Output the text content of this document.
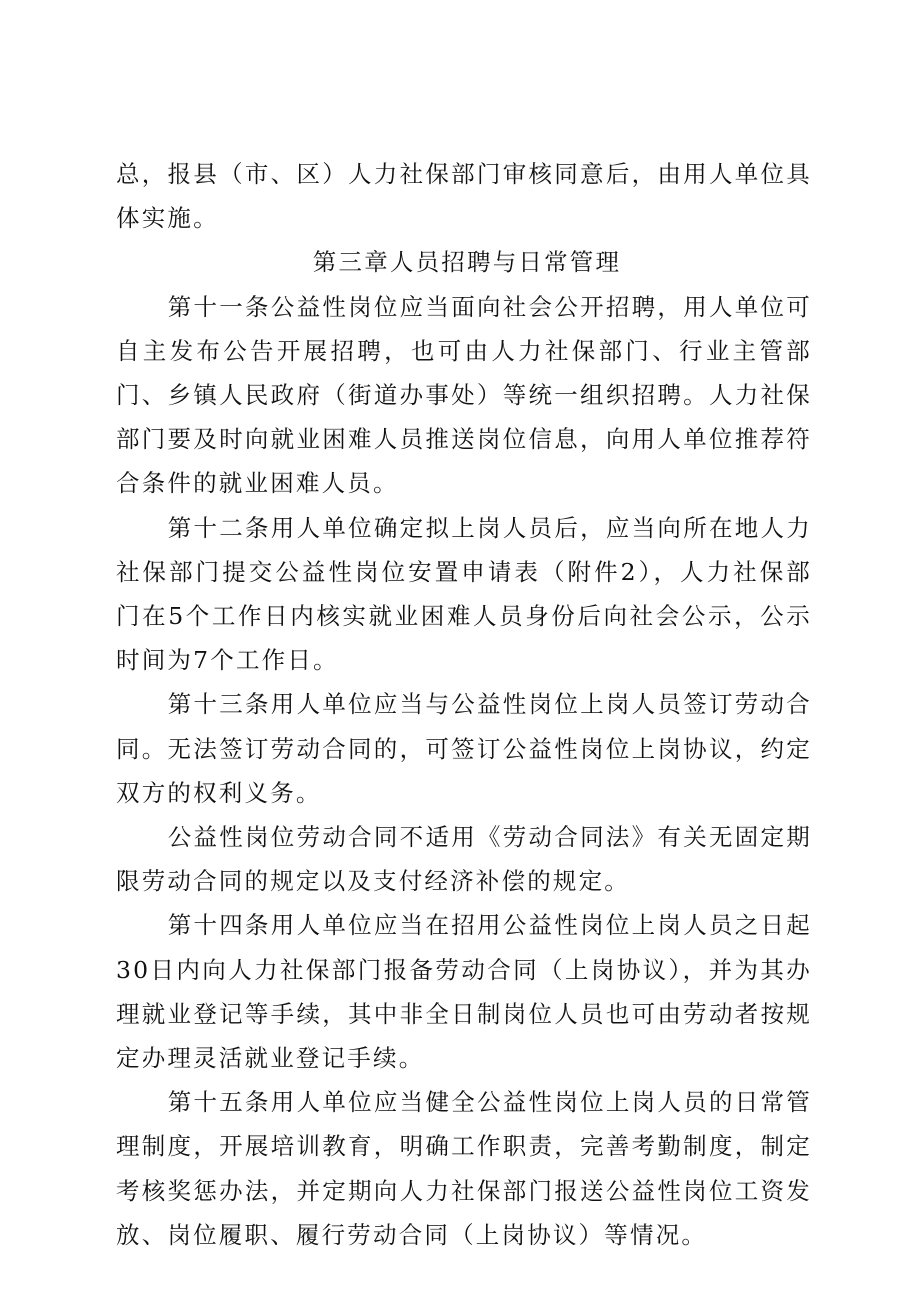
总，报县（市、区）人力社保部门审核同意后，由用人单位具体实施。

第三章人员招聘与日常管理

第十一条公益性岗位应当面向社会公开招聘，用人单位可自主发布公告开展招聘，也可由人力社保部门、行业主管部门、乡镇人民政府（街道办事处）等统一组织招聘。人力社保部门要及时向就业困难人员推送岗位信息，向用人单位推荐符合条件的就业困难人员。

第十二条用人单位确定拟上岗人员后，应当向所在地人力社保部门提交公益性岗位安置申请表（附件2），人力社保部门在5个工作日内核实就业困难人员身份后向社会公示，公示时间为7个工作日。

第十三条用人单位应当与公益性岗位上岗人员签订劳动合同。无法签订劳动合同的，可签订公益性岗位上岗协议，约定双方的权利义务。

公益性岗位劳动合同不适用《劳动合同法》有关无固定期限劳动合同的规定以及支付经济补偿的规定。

第十四条用人单位应当在招用公益性岗位上岗人员之日起30日内向人力社保部门报备劳动合同（上岗协议），并为其办理就业登记等手续，其中非全日制岗位人员也可由劳动者按规定办理灵活就业登记手续。

第十五条用人单位应当健全公益性岗位上岗人员的日常管理制度，开展培训教育，明确工作职责，完善考勤制度，制定考核奖惩办法，并定期向人力社保部门报送公益性岗位工资发放、岗位履职、履行劳动合同（上岗协议）等情况。
